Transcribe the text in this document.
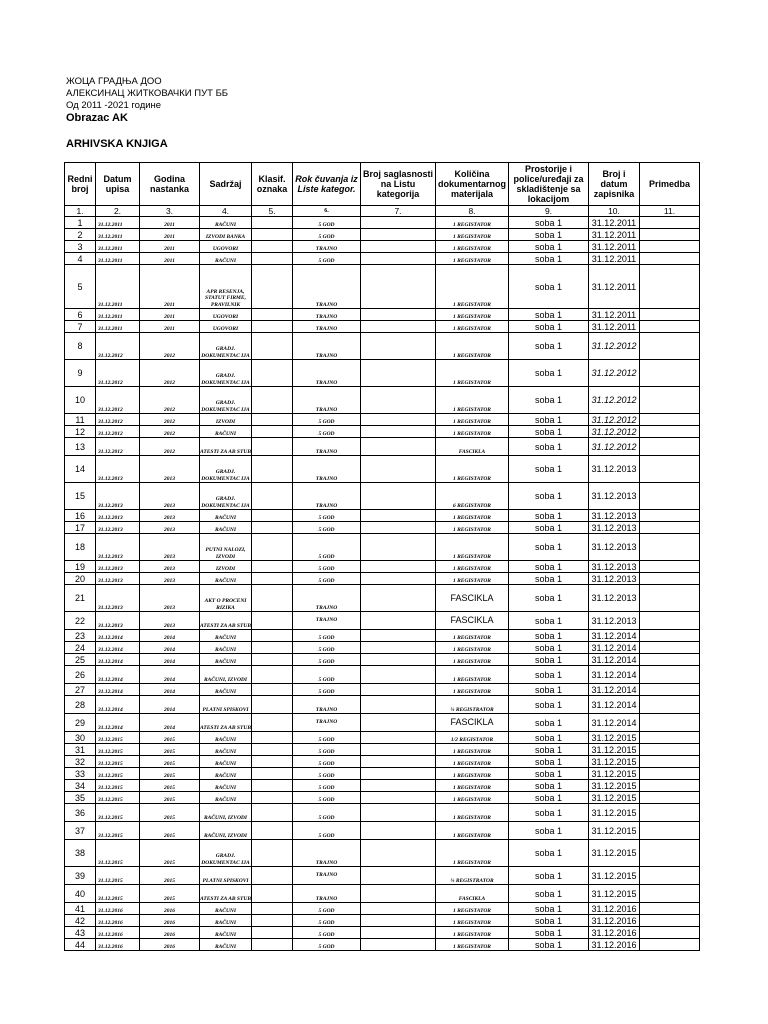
ЖОЦА ГРАДЊА ДОО
АЛЕКСИНАЦ ЖИТКОВАЧКИ ПУТ ББ
Од 2011 -2021 године
Obrazac AK
ARHIVSKA KNJIGA
Redni broj	Datum upisa	Godina nastanka	Sadržaj	Klasif. oznaka	Rok čuvanja iz Liste kategor.	Broj saglasnosti na Listu kategorija	Količina dokumentarnog materijala	Prostorije i police/uređaji za skladištenje sa lokacijom	Broj i datum zapisnika	Primedba
1.	2.	3.	4.	5.	6.	7.	8.	9.	10.	11.
1	31.12.2011	2011	RAČUNI		5 GOD		1 REGISTATOR	soba 1	31.12.2011	
2	31.12.2011	2011	IZVODI BANKA		5 GOD		1 REGISTATOR	soba 1	31.12.2011	
3	31.12.2011	2011	UGOVORI		TRAJNO		1 REGISTATOR	soba 1	31.12.2011	
4	31.12.2011	2011	RAČUNI		5 GOD		1 REGISTATOR	soba 1	31.12.2011	
5	31.12.2011	2011	APR RESENJA, STATUT FIRME, PRAVILNIK		TRAJNO		1 REGISTATOR	soba 1	31.12.2011	
6	31.12.2011	2011	UGOVORI		TRAJNO		1 REGISTATOR	soba 1	31.12.2011	
7	31.12.2011	2011	UGOVORI		TRAJNO		1 REGISTATOR	soba 1	31.12.2011	
8	31.12.2012	2012	GRADJ. DOKUMENTAC IJA		TRAJNO		1 REGISTATOR	soba 1	31.12.2012	
9	31.12.2012	2012	GRADJ. DOKUMENTAC IJA		TRAJNO		1 REGISTATOR	soba 1	31.12.2012	
10	31.12.2012	2012	GRADJ. DOKUMENTAC IJA		TRAJNO		1 REGISTATOR	soba 1	31.12.2012	
11	31.12.2012	2012	IZVODI		5 GOD		1 REGISTATOR	soba 1	31.12.2012	
12	31.12.2012	2012	RAČUNI		5 GOD		1 REGISTATOR	soba 1	31.12.2012	
13	31.12.2012	2012	ATESTI ZA AB STUB		TRAJNO		FASCIKLA	soba 1	31.12.2012	
14	31.12.2013	2013	GRADJ. DOKUMENTAC IJA		TRAJNO		1 REGISTATOR	soba 1	31.12.2013	
15	31.12.2013	2013	GRADJ. DOKUMENTAC IJA		TRAJNO		6 REGISTATOR	soba 1	31.12.2013	
16	31.12.2013	2013	RAČUNI		5 GOD		1 REGISTATOR	soba 1	31.12.2013	
17	31.12.2013	2013	RAČUNI		5 GOD		1 REGISTATOR	soba 1	31.12.2013	
18	31.12.2013	2013	PUTNI NALOZI, IZVODI		5 GOD		1 REGISTATOR	soba 1	31.12.2013	
19	31.12.2013	2013	IZVODI		5 GOD		1 REGISTATOR	soba 1	31.12.2013	
20	31.12.2013	2013	RAČUNI		5 GOD		1 REGISTATOR	soba 1	31.12.2013	
21	31.12.2013	2013	AKT O PROCENI RIZIKA		TRAJNO		FASCIKLA	soba 1	31.12.2013	
22	31.12.2013	2013	ATESTI ZA AB STUB		TRAJNO		FASCIKLA	soba 1	31.12.2013	
23	31.12.2014	2014	RAČUNI		5 GOD		1 REGISTATOR	soba 1	31.12.2014	
24	31.12.2014	2014	RAČUNI		5 GOD		1 REGISTATOR	soba 1	31.12.2014	
25	31.12.2014	2014	RAČUNI		5 GOD		1 REGISTATOR	soba 1	31.12.2014	
26	31.12.2014	2014	RAČUNI, IZVODI		5 GOD		1 REGISTATOR	soba 1	31.12.2014	
27	31.12.2014	2014	RAČUNI		5 GOD		1 REGISTATOR	soba 1	31.12.2014	
28	31.12.2014	2014	PLATNI SPISKOVI		TRAJNO		¼ REGISTRATOR	soba 1	31.12.2014	
29	31.12.2014	2014	ATESTI ZA AB STUB		TRAJNO		FASCIKLA	soba 1	31.12.2014	
30	31.12.2015	2015	RAČUNI		5 GOD		1/2 REGISTATOR	soba 1	31.12.2015	
31	31.12.2015	2015	RAČUNI		5 GOD		1 REGISTATOR	soba 1	31.12.2015	
32	31.12.2015	2015	RAČUNI		5 GOD		1 REGISTATOR	soba 1	31.12.2015	
33	31.12.2015	2015	RAČUNI		5 GOD		1 REGISTATOR	soba 1	31.12.2015	
34	31.12.2015	2015	RAČUNI		5 GOD		1 REGISTATOR	soba 1	31.12.2015	
35	31.12.2015	2015	RAČUNI		5 GOD		1 REGISTATOR	soba 1	31.12.2015	
36	31.12.2015	2015	RAČUNI, IZVODI		5 GOD		1 REGISTATOR	soba 1	31.12.2015	
37	31.12.2015	2015	RAČUNI, IZVODI		5 GOD		1 REGISTATOR	soba 1	31.12.2015	
38	31.12.2015	2015	GRADJ. DOKUMENTAC IJA		TRAJNO		1 REGISTATOR	soba 1	31.12.2015	
39	31.12.2015	2015	PLATNI SPISKOVI		TRAJNO		¼ REGISTRATOR	soba 1	31.12.2015	
40	31.12.2015	2015	ATESTI ZA AB STUB		TRAJNO		FASCIKLA	soba 1	31.12.2015	
41	31.12.2016	2016	RAČUNI		5 GOD		1 REGISTATOR	soba 1	31.12.2016	
42	31.12.2016	2016	RAČUNI		5 GOD		1 REGISTATOR	soba 1	31.12.2016	
43	31.12.2016	2016	RAČUNI		5 GOD		1 REGISTATOR	soba 1	31.12.2016	
44	31.12.2016	2016	RAČUNI		5 GOD		1 REGISTATOR	soba 1	31.12.2016	
